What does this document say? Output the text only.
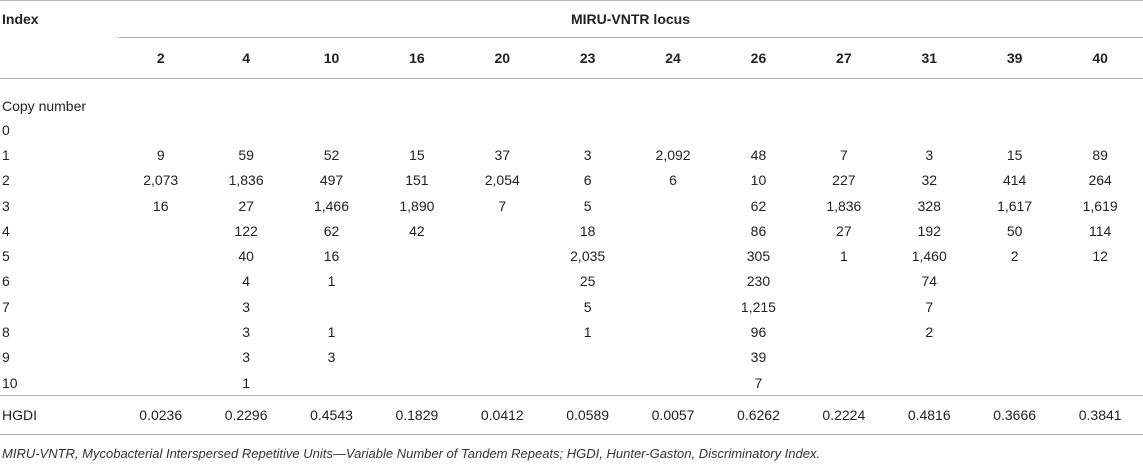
Index	MIRU-VNTR locus											
	2	4	10	16	20	23	24	26	27	31	39	40
Copy number												
0												
1	9	59	52	15	37	3	2,092	48	7	3	15	89
2	2,073	1,836	497	151	2,054	6	6	10	227	32	414	264
3	16	27	1,466	1,890	7	5		62	1,836	328	1,617	1,619
4		122	62	42		18		86	27	192	50	114
5		40	16			2,035		305	1	1,460	2	12
6		4	1			25		230		74		
7		3				5		1,215		7		
8		3	1			1		96		2		
9		3	3					39				
10		1						7				
HGDI	0.0236	0.2296	0.4543	0.1829	0.0412	0.0589	0.0057	0.6262	0.2224	0.4816	0.3666	0.3841
MIRU-VNTR, Mycobacterial Interspersed Repetitive Units—Variable Number of Tandem Repeats; HGDI, Hunter-Gaston, Discriminatory Index.
